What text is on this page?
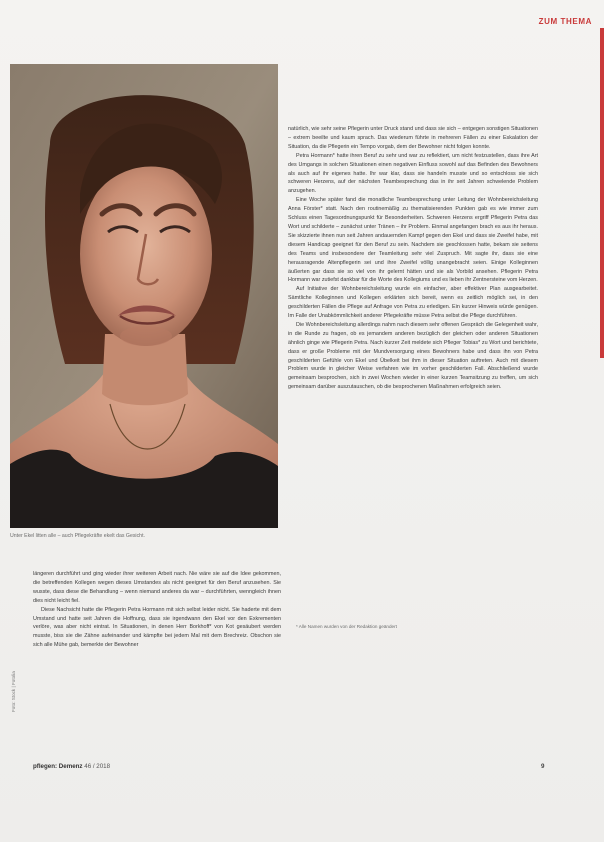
ZUM THEMA
Unter Ekel litten alle – auch Pflegekräfte ekelt das Gesicht.

natürlich, wie sehr seine Pflegerin unter Druck stand und dass sie sich – entgegen sonstigen Situationen – extrem beeilte und kaum sprach. Das wiederum führte in mehreren Fällen zu einer Eskalation der Situation, da die Pflegerin ein Tempo vorgab, dem der Bewohner nicht folgen konnte.

Petra Hormann* hatte ihren Beruf zu sehr und war zu reflektiert, um nicht festzustellen, dass ihre Art des Umgangs in solchen Situationen einen negativen Einfluss sowohl auf das Befinden des Bewohners als auch auf ihr eigenes hatte. Ihr war klar, dass sie handeln musste und so entschloss sie sich schweren Herzens, auf der nächsten Teambesprechung das in ihr seit Jahren schwelende Problem anzugehen.

Eine Woche später fand die monatliche Teambesprechung unter Leitung der Wohnbereichsleitung Anna Förster* statt. Nach den routinemäßig zu thematisierenden Punkten gab es wie immer zum Schluss einen Tagesordnungspunkt für Besonderheiten. Schweren Herzens ergriff Pflegerin Petra das Wort und schilderte – zunächst unter Tränen – ihr Problem. Einmal angefangen brach es aus ihr heraus. Sie skizzierte ihnen nun seit Jahren andauernden Kampf gegen den Ekel und dass sie Zweifel habe, mit diesem Handicap geeignet für den Beruf zu sein. Nachdem sie geschlossen hatte, bekam sie seitens des Teams und insbesondere der Teamleitung sehr viel Zuspruch. Mit sagte ihr, dass sie eine herausragende Altenpflegerin sei und ihre Zweifel völlig unangebracht seien. Einige Kolleginnen äußerten gar dass sie so viel von ihr gelernt hätten und sie als Vorbild ansehen. Pflegerin Petra Hormann war zutiefst dankbar für die Worte des Kollegiums und es lieben ihr Zentnersteine vom Herzen.

Auf Initiative der Wohnbereichsleitung wurde ein einfacher, aber effektiver Plan ausgearbeitet. Sämtliche Kolleginnen und Kollegen erklärten sich bereit, wenn es zeitlich möglich sei, in den geschilderten Fällen die Pflege auf Anfrage von Petra zu erledigen. Ein kurzer Hinweis würde genügen. Im Falle der Unabkömmlichkeit anderer Pflegekräfte müsse Petra selbst die Pflege durchführen.

Die Wohnbereichsleitung allerdings nahm nach diesem sehr offenen Gespräch die Gelegenheit wahr, in die Runde zu fragen, ob es jemandem anderen bezüglich der gleichen oder anderen Situationen ähnlich ginge wie Pflegerin Petra. Nach kurzer Zeit meldete sich Pfleger Tobias* zu Wort und berichtete, dass er große Probleme mit der Mundversorgung eines Bewohners habe und dass ihn von Petra geschilderten Gefühle von Ekel und Übelkeit bei ihm in dieser Situation auftreten. Auch mit diesem Problem wurde in gleicher Weise verfahren wie im vorher geschilderten Fall. Abschließend wurde gemeinsam besprochen, sich in zwei Wochen wieder in einer kurzen Teamsitzung zu treffen, um sich gemeinsam darüber auszutauschen, ob die besprochenen Maßnahmen erfolgreich seien.

längeren durchführt und ging wieder ihrer weiteren Arbeit nach. Nie wäre sie auf die Idee gekommen, die betreffenden Kollegen wegen dieses Umstandes als nicht geeignet für den Beruf anzusehen. Sie wusste, dass diese die Behandlung – wenn niemand anderes da war – durchführten, wenngleich ihnen dies nicht leicht fiel.

Diese Nachsicht hatte die Pflegerin Petra Hormann mit sich selbst leider nicht. Sie haderte mit dem Umstand und hatte seit Jahren die Hoffnung, dass sie irgendwann den Ekel vor den Exkrementen verlöre, was aber nicht eintrat. In Situationen, in denen Herr Borkhoff* von Kot gesäubert werden musste, biss sie die Zähne aufeinander und kämpfte bei jedem Mal mit dem Brechreiz. Obschon sie sich alle Mühe gab, bemerkte der Bewohner

* Alle Namen wurden von der Redaktion geändert
Foto: Stock | Fotolia
pflegen: Demenz 46 / 2018	9
